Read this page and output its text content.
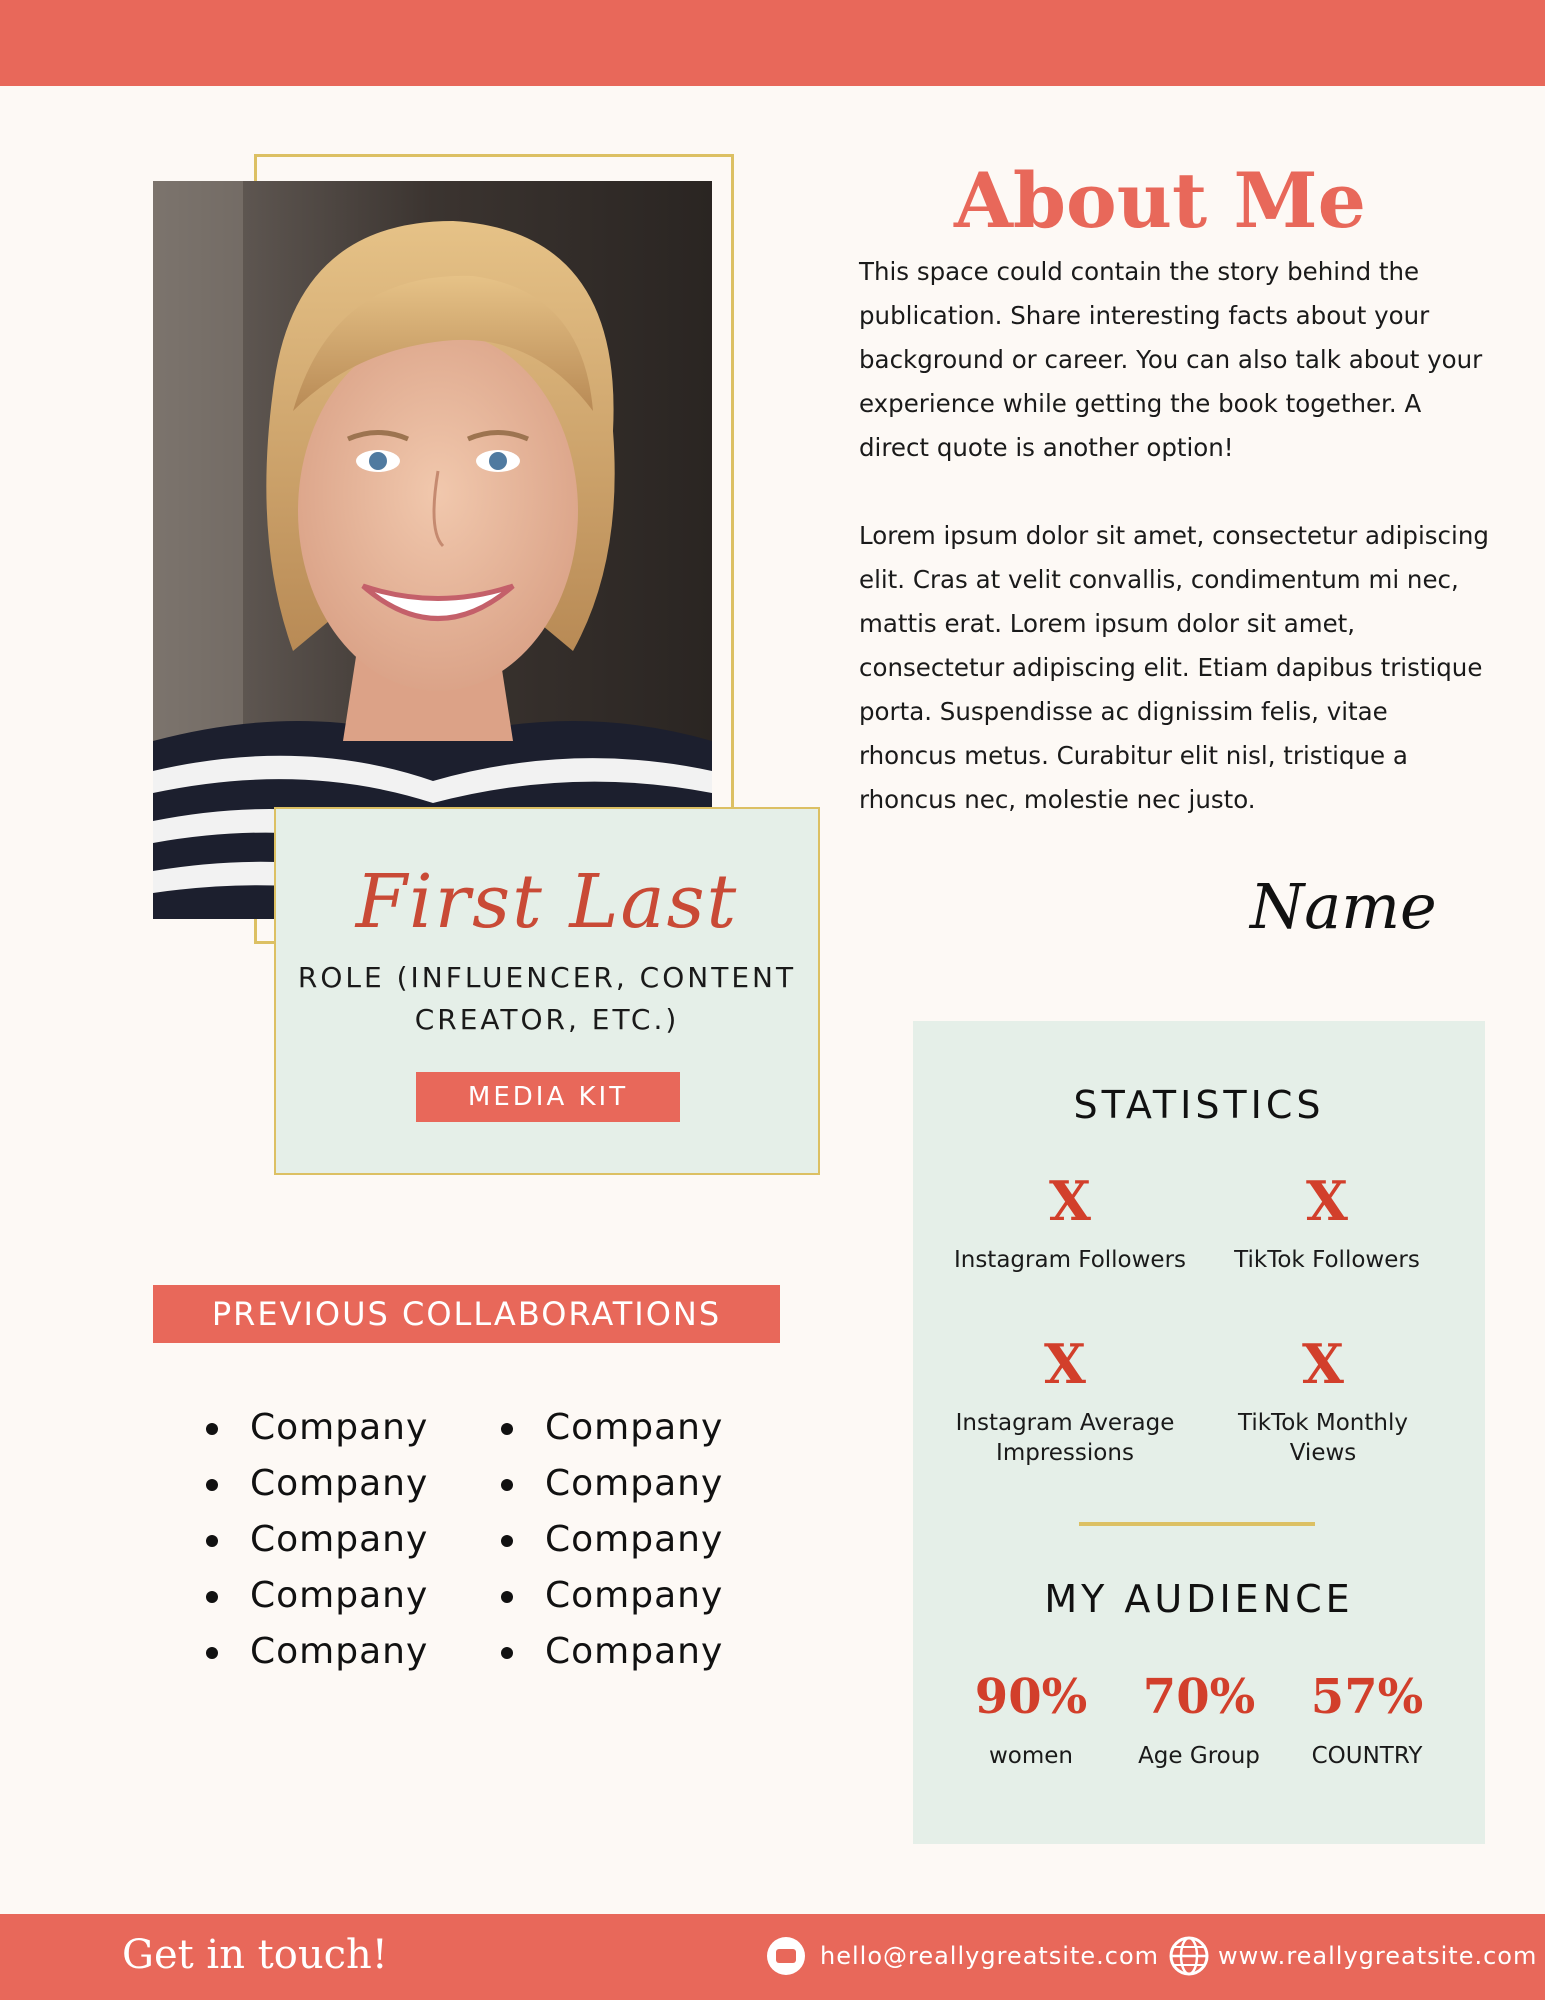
First Last
ROLE (INFLUENCER, CONTENT
CREATOR, ETC.)
MEDIA KIT
About Me

This space could contain the story behind the publication. Share interesting facts about your background or career. You can also talk about your experience while getting the book together. A direct quote is another option!

Lorem ipsum dolor sit amet, consectetur adipiscing elit. Cras at velit convallis, condimentum mi nec, mattis erat. Lorem ipsum dolor sit amet, consectetur adipiscing elit. Etiam dapibus tristique porta. Suspendisse ac dignissim felis, vitae rhoncus metus. Curabitur elit nisl, tristique a rhoncus nec, molestie nec justo.

Name
PREVIOUS COLLABORATIONS
Company
Company
Company
Company
Company
Company
Company
Company
Company
Company
STATISTICS
X
Instagram Followers
X
TikTok Followers
X
Instagram Average
Impressions
X
TikTok Monthly
Views
MY AUDIENCE
90%
women
70%
Age Group
57%
COUNTRY
Get in touch!	hello@reallygreatsite.com www.reallygreatsite.com
